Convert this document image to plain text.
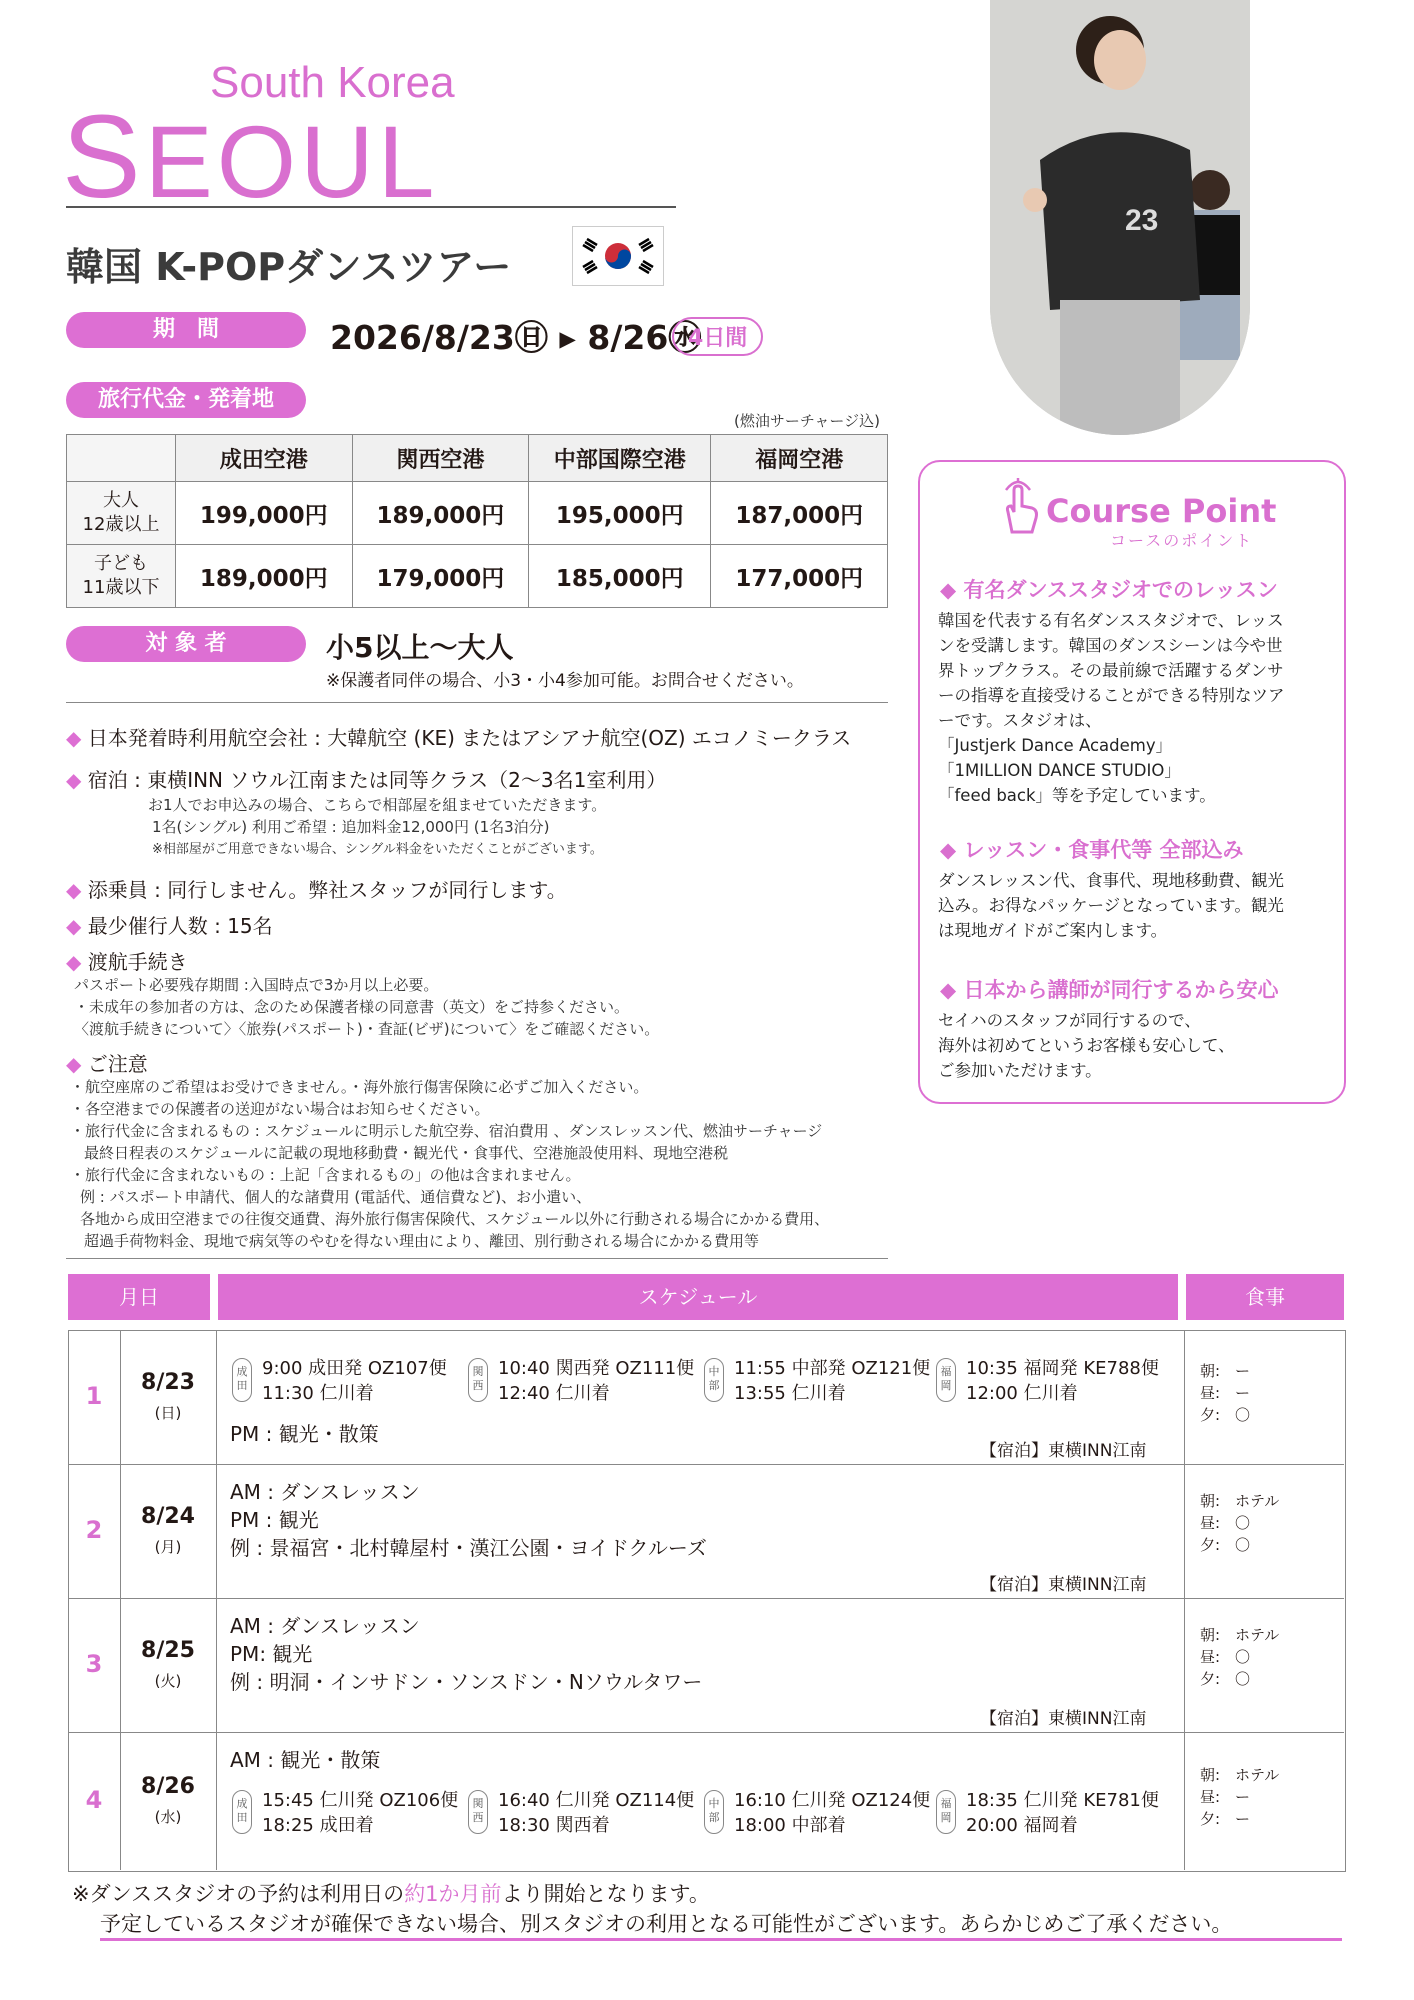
South Korea
SEOUL
韓国 K-POPダンスツアー
23
期　間	2026/8/23㊐ ▸ 8/26㊌
4日間
旅行代金・発着地
(燃油サーチャージ込)
	成田空港	関西空港	中部国際空港	福岡空港
大人
12歳以上	199,000円	189,000円	195,000円	187,000円
子ども
11歳以下	189,000円	179,000円	185,000円	177,000円
対 象 者	小5以上～大人
※保護者同伴の場合、小3・小4参加可能。お問合せください。
◆ 日本発着時利用航空会社 : 大韓航空 (KE) またはアシアナ航空(OZ) エコノミークラス
◆ 宿泊 : 東横INN ソウル江南または同等クラス（2～3名1室利用）
お1人でお申込みの場合、こちらで相部屋を組ませていただきます。
1名(シングル) 利用ご希望 : 追加料金12,000円 (1名3泊分)
※相部屋がご用意できない場合、シングル料金をいただくことがございます。
◆ 添乗員 : 同行しません。弊社スタッフが同行します。
◆ 最少催行人数 : 15名
◆ 渡航手続き
パスポート必要残存期間 :入国時点で3か月以上必要。
・未成年の参加者の方は、念のため保護者様の同意書（英文）をご持参ください。
〈渡航手続きについて〉〈旅券(パスポート)・査証(ビザ)について〉をご確認ください。
◆ ご注意
・航空座席のご希望はお受けできません。・海外旅行傷害保険に必ずご加入ください。
・各空港までの保護者の送迎がない場合はお知らせください。
・旅行代金に含まれるもの : スケジュールに明示した航空券、宿泊費用 、ダンスレッスン代、燃油サーチャージ
最終日程表のスケジュールに記載の現地移動費・観光代・食事代、空港施設使用料、現地空港税
・旅行代金に含まれないもの : 上記「含まれるもの」の他は含まれません。
例 : パスポート申請代、個人的な諸費用 (電話代、通信費など)、お小遣い、
各地から成田空港までの往復交通費、海外旅行傷害保険代、スケジュール以外に行動される場合にかかる費用、
超過手荷物料金、現地で病気等のやむを得ない理由により、離団、別行動される場合にかかる費用等
Course Point
コースのポイント
◆ 有名ダンススタジオでのレッスン
韓国を代表する有名ダンススタジオで、レッス
ンを受講します。韓国のダンスシーンは今や世
界トップクラス。その最前線で活躍するダンサ
ーの指導を直接受けることができる特別なツア
ーです。スタジオは、
「Justjerk Dance Academy」
「1MILLION DANCE STUDIO」
「feed back」等を予定しています。
◆ レッスン・食事代等 全部込み
ダンスレッスン代、食事代、現地移動費、観光
込み。お得なパッケージとなっています。観光
は現地ガイドがご案内します。
◆ 日本から講師が同行するから安心
セイハのスタッフが同行するので、
海外は初めてというお客様も安心して、
ご参加いただけます。
月日	スケジュール	食事
1	8/23
(日)
成
田
9:00 成田発 OZ107便
11:30 仁川着
関
西
10:40 関西発 OZ111便
12:40 仁川着
中
部
11:55 中部発 OZ121便
13:55 仁川着
福
岡
10:35 福岡発 KE788便
12:00 仁川着
PM : 観光・散策
【宿泊】東横INN江南
朝:　ー
昼:　ー
夕:　〇
2	8/24
(月)
AM : ダンスレッスン
PM : 観光
例 : 景福宮・北村韓屋村・漢江公園・ヨイドクルーズ
【宿泊】東横INN江南
朝:　ホテル
昼:　〇
夕:　〇
3	8/25
(火)
AM : ダンスレッスン
PM: 観光
例 : 明洞・インサドン・ソンスドン・Nソウルタワー
【宿泊】東横INN江南
朝:　ホテル
昼:　〇
夕:　〇
4	8/26
(水)
AM : 観光・散策
成
田
15:45 仁川発 OZ106便
18:25 成田着
関
西
16:40 仁川発 OZ114便
18:30 関西着
中
部
16:10 仁川発 OZ124便
18:00 中部着
福
岡
18:35 仁川発 KE781便
20:00 福岡着
朝:　ホテル
昼:　ー
夕:　ー
※ダンススタジオの予約は利用日の約1か月前より開始となります。
予定しているスタジオが確保できない場合、別スタジオの利用となる可能性がございます。あらかじめご了承ください。
